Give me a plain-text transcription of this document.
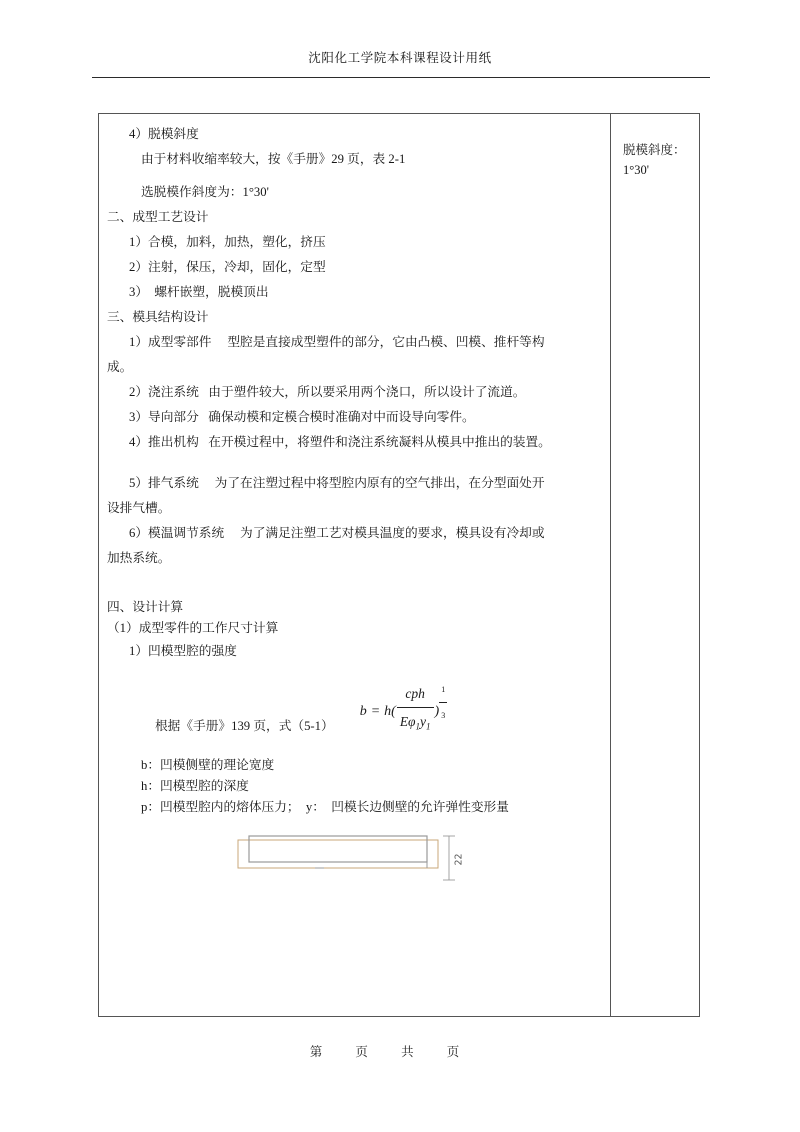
沈阳化工学院本科课程设计用纸
4）脱模斜度
由于材料收缩率较大，按《手册》29 页，表 2-1
选脱模作斜度为：1°30'
二、成型工艺设计
1）合模，加料，加热，塑化，挤压
2）注射，保压，冷却，固化，定型
3）  螺杆嵌塑，脱模顶出
三、模具结构设计
1）成型零部件     型腔是直接成型塑件的部分，它由凸模、凹模、推杆等构
成。
2）浇注系统   由于塑件较大，所以要采用两个浇口，所以设计了流道。
3）导向部分   确保动模和定模合模时准确对中而设导向零件。
4）推出机构   在开模过程中，将塑件和浇注系统凝料从模具中推出的装置。
5）排气系统     为了在注塑过程中将型腔内原有的空气排出，在分型面处开
设排气槽。
6）模温调节系统     为了满足注塑工艺对模具温度的要求，模具设有冷却或
加热系统。
四、设计计算
（1）成型零件的工作尺寸计算
1）凹模型腔的强度
根据《手册》139 页，式（5-1）
b = h ( $\frac{\text{cph}}{E\varphi_1y_1}$ ) $\frac{1}{3}$
b：凹模侧壁的理论宽度
h：凹模型腔的深度
p：凹模型腔内的熔体压力；  y：  凹模长边侧壁的允许弹性变形量
22
脱模斜度：
1°30'
第	页	共	页
